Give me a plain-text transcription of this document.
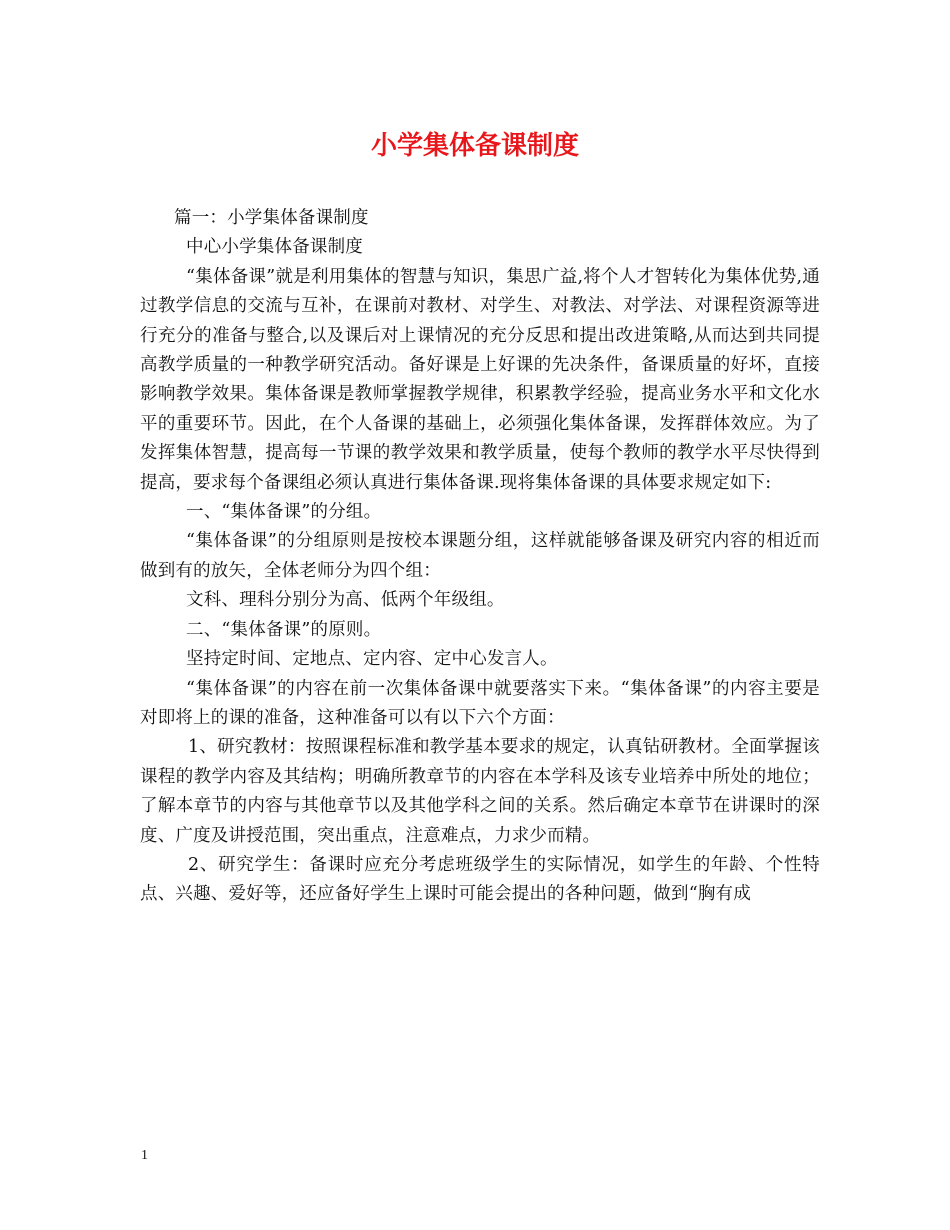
小学集体备课制度

篇一：小学集体备课制度

中心小学集体备课制度

“集体备课”就是利用集体的智慧与知识，集思广益,将个人才智转化为集体优势,通过教学信息的交流与互补，在课前对教材、对学生、对教法、对学法、对课程资源等进行充分的准备与整合,以及课后对上课情况的充分反思和提出改进策略,从而达到共同提高教学质量的一种教学研究活动。备好课是上好课的先决条件，备课质量的好坏，直接影响教学效果。集体备课是教师掌握教学规律，积累教学经验，提高业务水平和文化水平的重要环节。因此，在个人备课的基础上，必须强化集体备课，发挥群体效应。为了发挥集体智慧，提高每一节课的教学效果和教学质量，使每个教师的教学水平尽快得到提高，要求每个备课组必须认真进行集体备课.现将集体备课的具体要求规定如下:

一、“集体备课”的分组。

“集体备课”的分组原则是按校本课题分组，这样就能够备课及研究内容的相近而做到有的放矢，全体老师分为四个组：

文科、理科分别分为高、低两个年级组。

二、“集体备课”的原则。

坚持定时间、定地点、定内容、定中心发言人。

“集体备课”的内容在前一次集体备课中就要落实下来。“集体备课”的内容主要是对即将上的课的准备，这种准备可以有以下六个方面：

1、研究教材：按照课程标准和教学基本要求的规定，认真钻研教材。全面掌握该课程的教学内容及其结构；明确所教章节的内容在本学科及该专业培养中所处的地位；了解本章节的内容与其他章节以及其他学科之间的关系。然后确定本章节在讲课时的深度、广度及讲授范围，突出重点，注意难点，力求少而精。

2、研究学生：备课时应充分考虑班级学生的实际情况，如学生的年龄、个性特点、兴趣、爱好等，还应备好学生上课时可能会提出的各种问题，做到“胸有成

1
